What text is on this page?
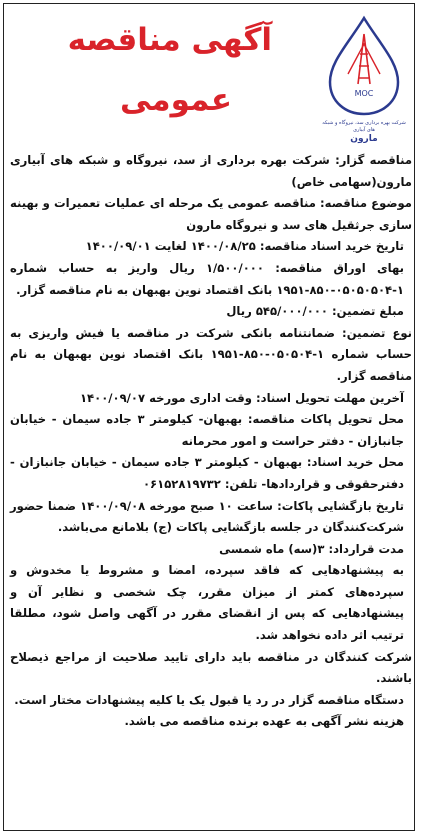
آگهی مناقصه
عمومی	MOC
شرکت بهره برداری سد، نیروگاه و شبکه های آبیاری
مارون

مناقصه گزار: شرکت بهره برداری از سد، نیروگاه و شبکه های آبیاری مارون(سهامی خاص)

موضوع مناقصه: مناقصه عمومی یک مرحله ای عملیات تعمیرات و بهینه سازی جرثقیل های سد و نیروگاه مارون

تاریخ خرید اسناد مناقصه: ۱۴۰۰/۰۸/۲۵ لغایت ۱۴۰۰/۰۹/۰۱

بهای اوراق مناقصه: ۱/۵۰۰/۰۰۰ ریال واریز به حساب شماره ۱-۰۵۰۵۰۵۰۴-۸۵۰-۱۹۵۱ بانک اقتصاد نوین بهبهان به نام مناقصه گزار.

مبلغ تضمین: ۵۴۵/۰۰۰/۰۰۰ ریال

نوع تضمین: ضمانتنامه بانکی شرکت در مناقصه یا فیش واریزی به حساب شماره ۱-۰۵۰۵۰۴-۸۵۰-۱۹۵۱ بانک اقتصاد نوین بهبهان به نام مناقصه گزار.

آخرین مهلت تحویل اسناد: وقت اداری مورخه ۱۴۰۰/۰۹/۰۷

محل تحویل پاکات مناقصه: بهبهان- کیلومتر ۳ جاده سیمان - خیابان جانبازان - دفتر حراست و امور محرمانه

محل خرید اسناد: بهبهان - کیلومتر ۳ جاده سیمان - خیابان جانبازان - دفترحقوقی و قراردادها- تلفن: ۰۶۱۵۲۸۱۹۷۳۲

تاریخ بازگشایی پاکات: ساعت ۱۰ صبح مورخه ۱۴۰۰/۰۹/۰۸ ضمنا حضور شرکت‌کنندگان در جلسه بازگشایی پاکات (ج) بلامانع می‌باشد.

مدت قرارداد: ۳(سه) ماه شمسی

به پیشنهادهایی که فاقد سپرده، امضا و مشروط یا مخدوش و سپرده‌های کمتر از میزان مقرر، چک شخصی و نظایر آن و پیشنهادهایی که پس از انقضای مقرر در آگهی واصل شود، مطلقا ترتیب اثر داده نخواهد شد.

شرکت کنندگان در مناقصه باید دارای تایید صلاحیت از مراجع ذیصلاح باشند.

دستگاه مناقصه گزار در رد یا قبول یک یا کلیه پیشنهادات مختار است.

هزینه نشر آگهی به عهده برنده مناقصه می باشد.
